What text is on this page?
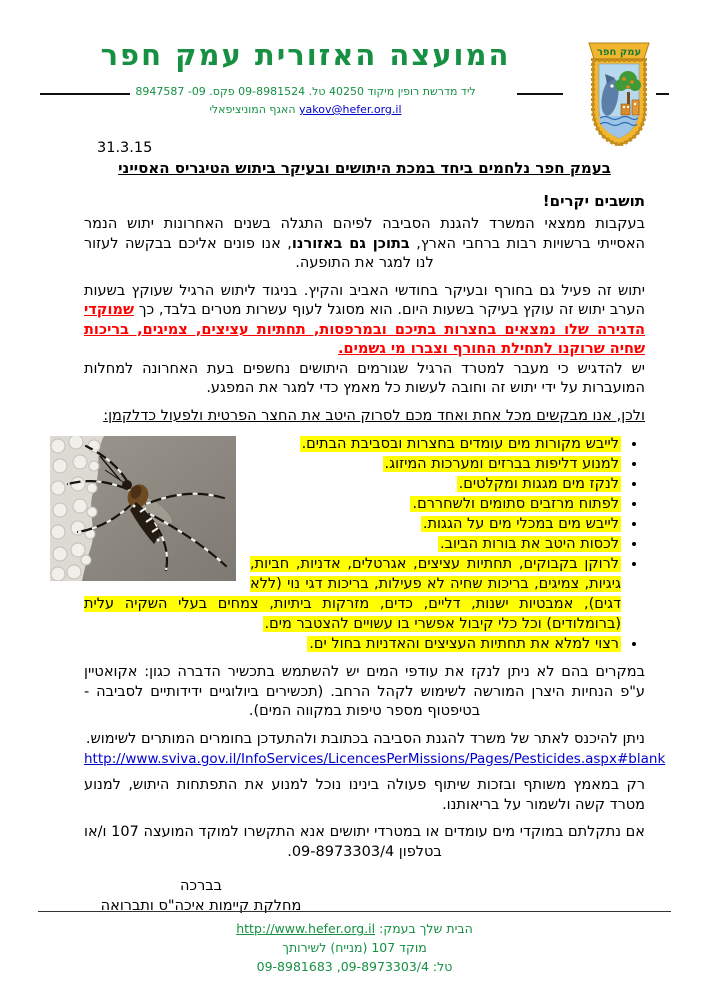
המועצה האזורית עמק חפר
ליד מדרשת רופין מיקוד 40250 טל. 09-8981524 פקס. 09- 8947587
yakov@hefer.org.il האגף המוניציפאלי
עמק חפר
31.3.15
בעמק חפר נלחמים ביחד במכת היתושים ובעיקר ביתוש הטיגריס האסייני
תושבים יקרים!

בעקבות ממצאי המשרד להגנת הסביבה לפיהם התגלה בשנים האחרונות יתוש הנמר האסייתי ברשויות רבות ברחבי הארץ, בתוכן גם באזורנו, אנו פונים אליכם בבקשה לעזור לנו למגר את התופעה.

יתוש זה פעיל גם בחורף ובעיקר בחודשי האביב והקיץ. בניגוד ליתוש הרגיל שעוקץ בשעות הערב יתוש זה עוקץ בעיקר בשעות היום. הוא מסוגל לעוף עשרות מטרים בלבד, כך שמוקדי הדגירה שלו נמצאים בחצרות בתיכם ובמרפסות, תחתיות עציצים, צמיגים, בריכות שחיה שרוקנו לתחילת החורף וצברו מי גשמים.

יש להדגיש כי מעבר למטרד הרגיל שגורמים היתושים נחשפים בעת האחרונה למחלות המועברות על ידי יתוש זה וחובה לעשות כל מאמץ כדי למגר את המפגע.

ולכן, אנו מבקשים מכל אחת ואחד מכם לסרוק היטב את החצר הפרטית ולפעול כדלקמן:

• לייבש מקורות מים עומדים בחצרות ובסביבת הבתים.
• למנוע דליפות בברזים ומערכות המיזוג.
• לנקז מים מגגות ומקלטים.
• לפתוח מרזבים סתומים ולשחררם.
• לייבש מים במכלי מים על הגגות.
• לכסות היטב את בורות הביוב.
• לרוקן בקבוקים, תחתיות עציצים, אגרטלים, אדניות, חביות, גיגיות, צמיגים, בריכות שחיה לא פעילות, בריכות דגי נוי (ללא דגים), אמבטיות ישנות, דליים, כדים, מזרקות ביתיות, צמחים בעלי השקיה עלית (ברומלודים) וכל כלי קיבול אפשרי בו עשויים להצטבר מים.
• רצוי למלא את תחתיות העציצים והאדניות בחול ים.

במקרים בהם לא ניתן לנקז את עודפי המים יש להשתמש בתכשיר הדברה כגון: אקואטיין ע"פ הנחיות היצרן המורשה לשימוש לקהל הרחב. (תכשירים ביולוגיים ידידותיים לסביבה - בטיפטוף מספר טיפות במקווה המים).

ניתן להיכנס לאתר של משרד להגנת הסביבה בכתובת ולהתעדכן בחומרים המותרים לשימוש.

http://www.sviva.gov.il/InfoServices/LicencesPerMissions/Pages/Pesticides.aspx#blank

רק במאמץ משותף ובזכות שיתוף פעולה בינינו נוכל למנוע את התפתחות היתוש, למנוע מטרד קשה ולשמור על בריאותנו.

אם נתקלתם במוקדי מים עומדים או במטרדי יתושים אנא התקשרו למוקד המועצה 107 ו/או בטלפון 09-8973303/4.

בברכה
מחלקת קיימות איכה"ס ותברואה
הבית שלך בעמק: http://www.hefer.org.il
מוקד 107 (מנייח) לשירותך
טל: 09-8973303/4, 09-8981683
